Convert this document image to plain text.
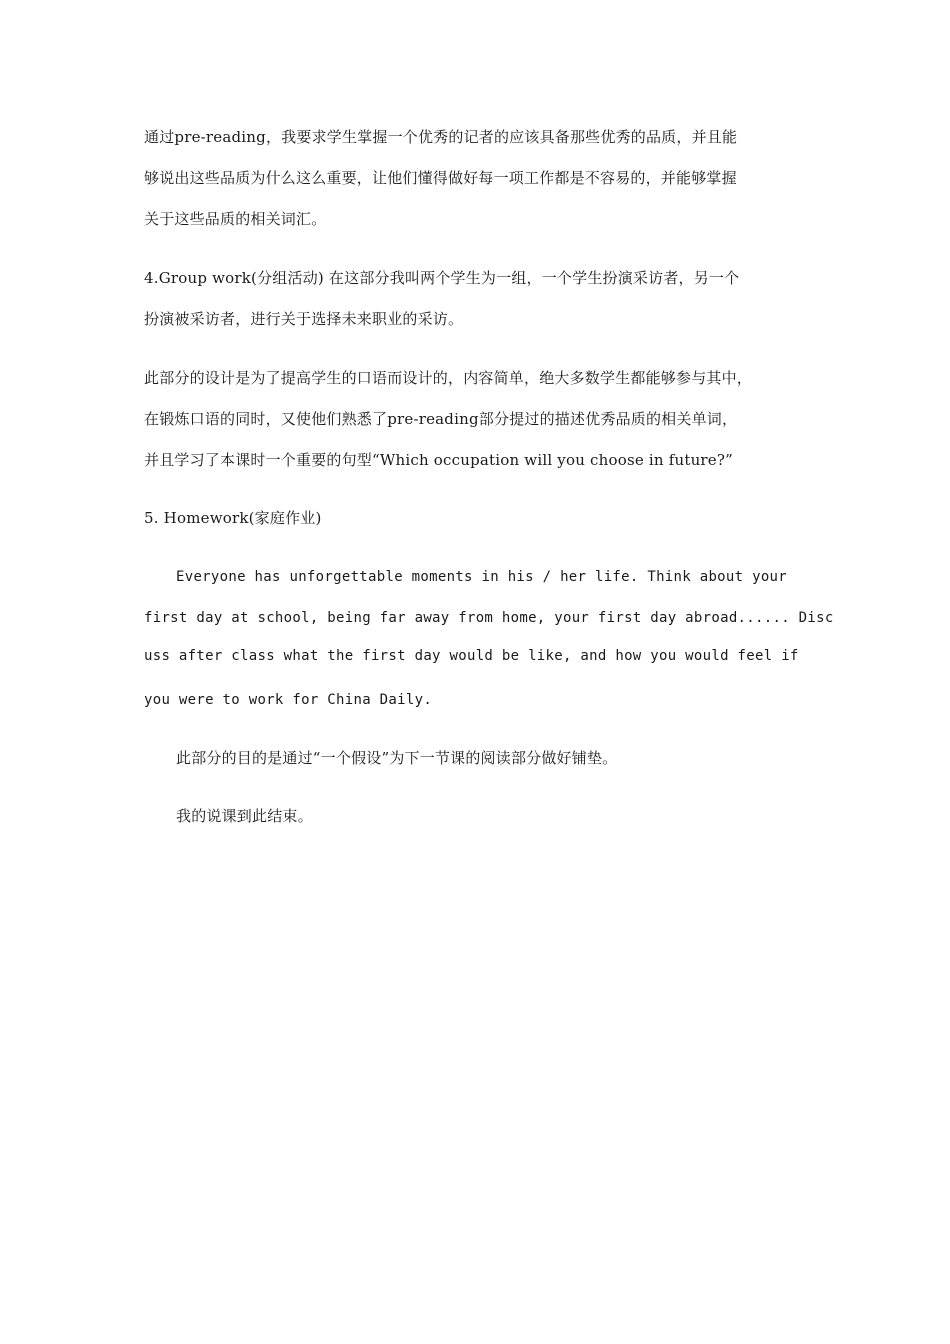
通过pre-reading，我要求学生掌握一个优秀的记者的应该具备那些优秀的品质，并且能
够说出这些品质为什么这么重要，让他们懂得做好每一项工作都是不容易的，并能够掌握
关于这些品质的相关词汇。
4.Group work(分组活动) 在这部分我叫两个学生为一组，一个学生扮演采访者，另一个
扮演被采访者，进行关于选择未来职业的采访。
此部分的设计是为了提高学生的口语而设计的，内容简单，绝大多数学生都能够参与其中，
在锻炼口语的同时，又使他们熟悉了pre-reading部分提过的描述优秀品质的相关单词，
并且学习了本课时一个重要的句型“Which occupation will you choose in future?”
5. Homework(家庭作业)
Everyone has unforgettable moments in his / her life. Think about your
first day at school, being far away from home, your first day abroad...... Disc
uss after class what the first day would be like, and how you would feel if
you were to work for China Daily.
此部分的目的是通过“一个假设”为下一节课的阅读部分做好铺垫。
我的说课到此结束。
